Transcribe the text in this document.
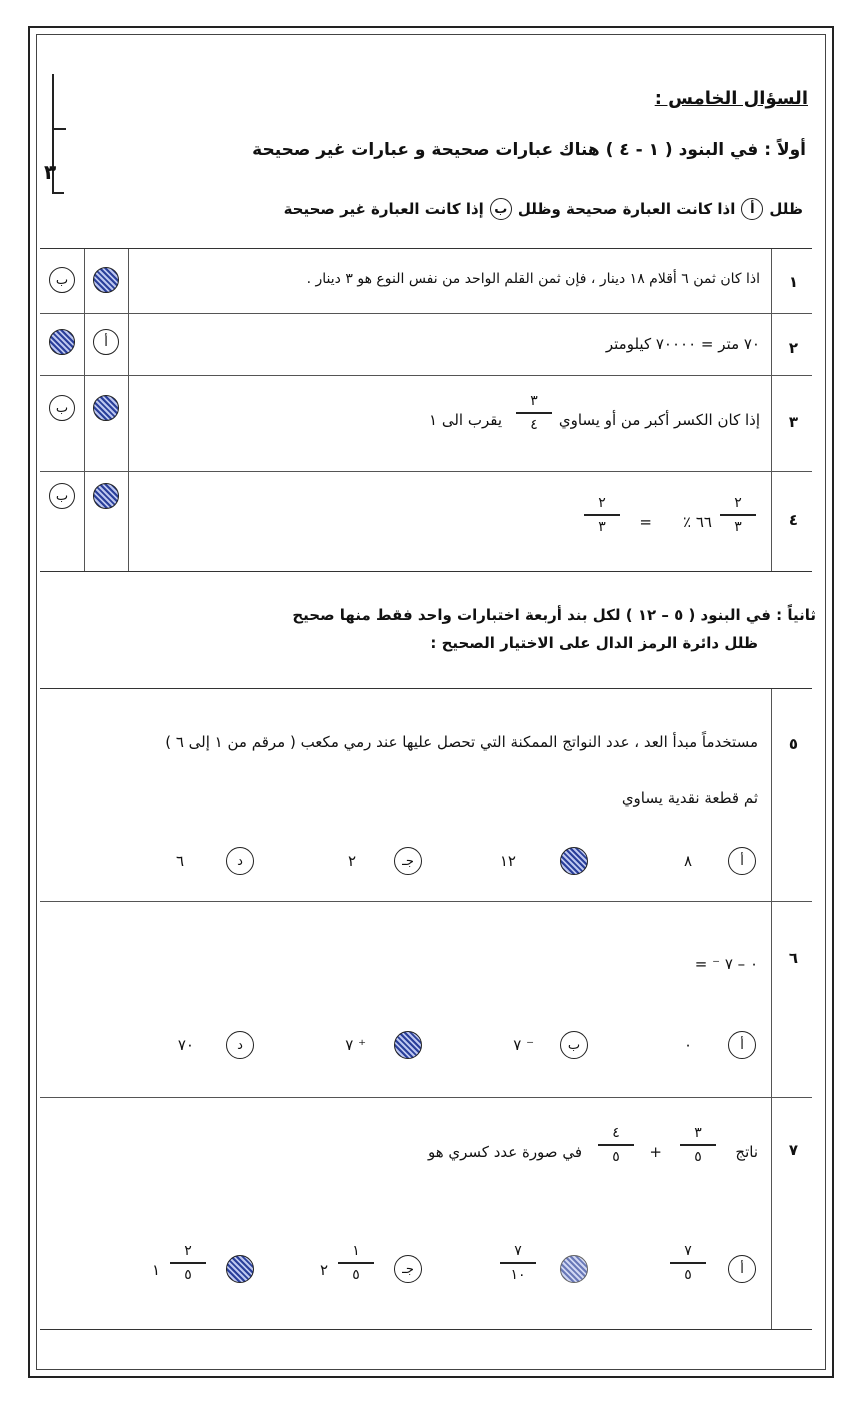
٣
السؤال الخامس :
أولاً : في البنود ( ١ - ٤ ) هناك عبارات صحيحة و عبارات غير صحيحة
ظلل
أ
اذا كانت العبارة صحيحة وظلل
ب
إذا كانت العبارة غير صحيحة
١
اذا كان ثمن ٦ أقلام ١٨ دينار ، فإن ثمن القلم الواحد من نفس النوع هو ٣ دينار .
ب
٢
٧٠ متر = ٧٠٠٠٠ كيلومتر
أ
٣
إذا كان الكسر أكبر من أو يساوي
٣
٤
يقرب الى ١
ب
٤
٢
٣
٦٦ ٪
=
٢
٣
ب
ثانياً : في البنود ( ٥ – ١٢ ) لكل بند أربعة اختبارات واحد فقط منها صحيح
ظلل دائرة الرمز الدال على الاختيار الصحيح :
٥
مستخدماً مبدأ العد ، عدد النواتج الممكنة التي تحصل عليها عند رمي مكعب ( مرقم من ١ إلى ٦ )
ثم قطعة نقدية يساوي
أ
٨
١٢
جـ
٢
د
٦
٦
٠ – ٧ ⁻ =
أ
٠
ب
٧ ⁻
٧ ⁺
د
٧٠
٧
ناتج
٣
٥
+
٤
٥
في صورة عدد كسري هو
أ
٧
٥
٧
١٠
جـ
١
٥
٢
٢
٥
١
